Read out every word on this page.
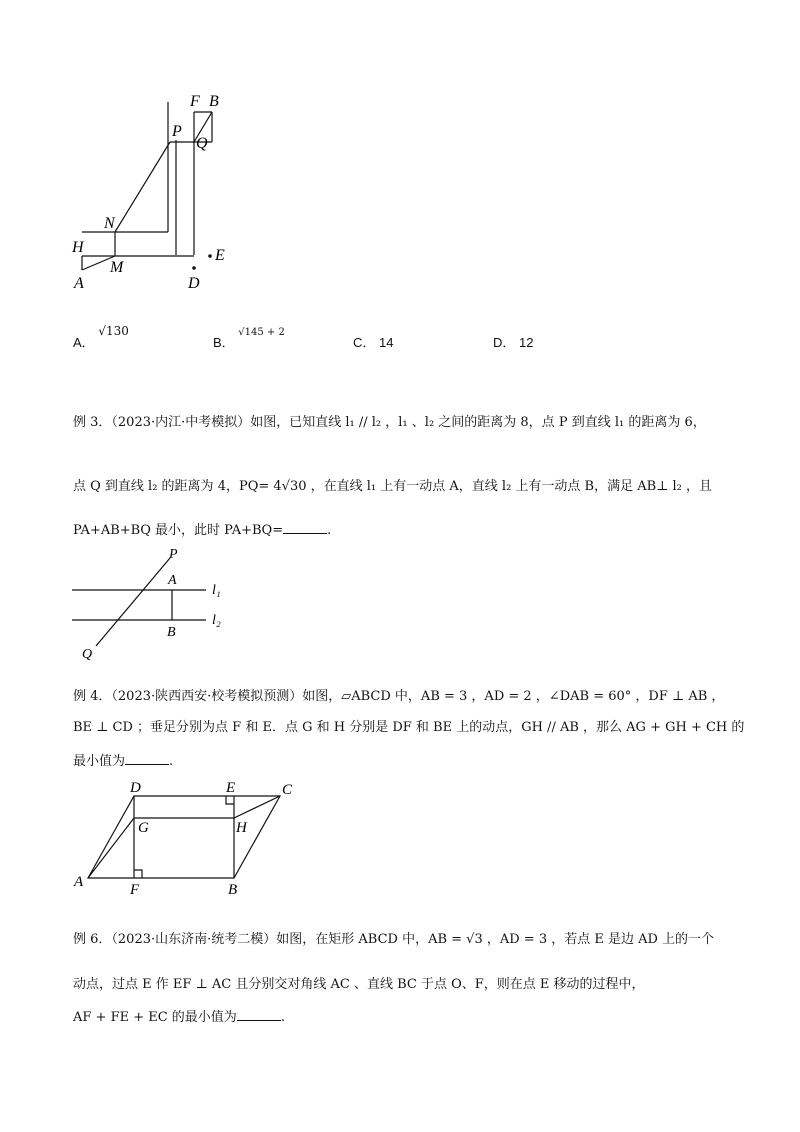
F B
P
Q
N
H
M
A	D
E
A． √130
B． $^{√145 + 2}$
C． 14	D． 12
例 3．（2023·内江·中考模拟）如图，已知直线 l₁ // l₂ ，l₁ 、l₂ 之间的距离为 8，点 P 到直线 l₁ 的距离为 6，
点 Q 到直线 l₂ 的距离为 4，PQ= 4√30 ，在直线 l₁ 上有一动点 A，直线 l₂ 上有一动点 B，满足 AB⊥ l₂ ，且
PA+AB+BQ 最小，此时 PA+BQ=	.
P
A
B
Q
l₁
l₂
例 4．（2023·陕西西安·校考模拟预测）如图，▱ABCD 中，AB = 3 ，AD = 2 ，∠DAB = 60° ，DF ⊥ AB ，
BE ⊥ CD ；垂足分别为点 F 和 E．点 G 和 H 分别是 DF 和 BE 上的动点，GH // AB ，那么 AG + GH + CH 的
最小值为	.
D	E	C
G	H
A	F	B
例 6．（2023·山东济南·统考二模）如图，在矩形 ABCD 中，AB = √3 ，AD = 3 ，若点 E 是边 AD 上的一个
动点，过点 E 作 EF ⊥ AC 且分别交对角线 AC 、直线 BC 于点 O、F，则在点 E 移动的过程中，
AF + FE + EC 的最小值为	.
